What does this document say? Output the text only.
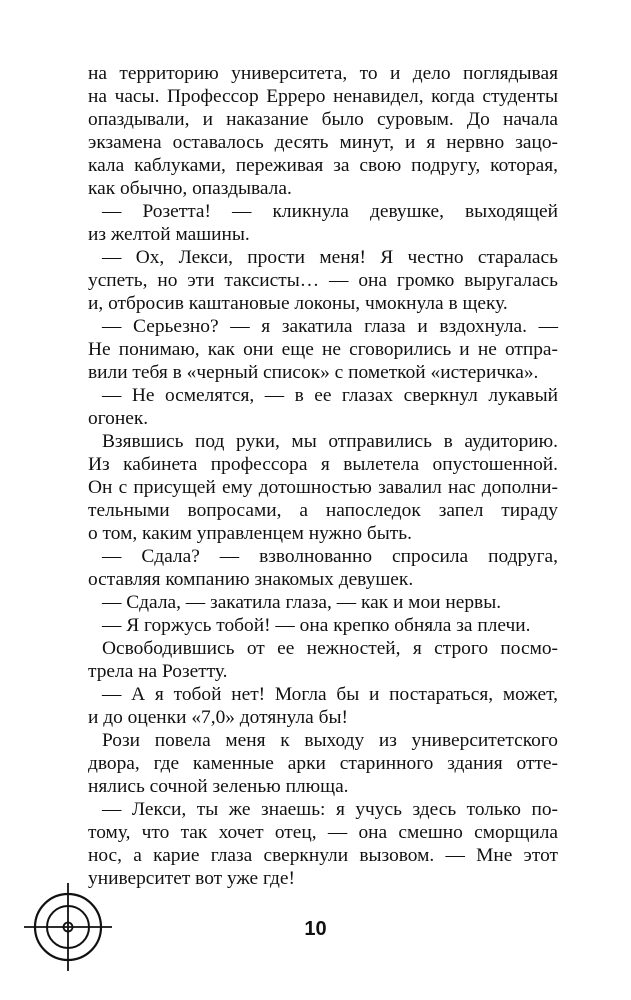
на территорию университета, то и дело поглядывая

на часы. Профессор Ерреро ненавидел, когда студенты

опаздывали, и наказание было суровым. До начала

экзамена оставалось десять минут, и я нервно зацо-

кала каблуками, переживая за свою подругу, которая,

как обычно, опаздывала.

— Розетта! — кликнула девушке, выходящей

из желтой машины.

— Ох, Лекси, прости меня! Я честно старалась

успеть, но эти таксисты… — она громко выругалась

и, отбросив каштановые локоны, чмокнула в щеку.

— Серьезно? — я закатила глаза и вздохнула. —

Не понимаю, как они еще не сговорились и не отпра-

вили тебя в «черный список» с пометкой «истеричка».

— Не осмелятся, — в ее глазах сверкнул лукавый

огонек.

Взявшись под руки, мы отправились в аудиторию.

Из кабинета профессора я вылетела опустошенной.

Он с присущей ему дотошностью завалил нас дополни-

тельными вопросами, а напоследок запел тираду

о том, каким управленцем нужно быть.

— Сдала? — взволнованно спросила подруга,

оставляя компанию знакомых девушек.

— Сдала, — закатила глаза, — как и мои нервы.

— Я горжусь тобой! — она крепко обняла за плечи.

Освободившись от ее нежностей, я строго посмо-

трела на Розетту.

— А я тобой нет! Могла бы и постараться, может,

и до оценки «7,0» дотянула бы!

Рози повела меня к выходу из университетского

двора, где каменные арки старинного здания отте-

нялись сочной зеленью плюща.

— Лекси, ты же знаешь: я учусь здесь только по-

тому, что так хочет отец, — она смешно сморщила

нос, а карие глаза сверкнули вызовом. — Мне этот

университет вот уже где!

10
